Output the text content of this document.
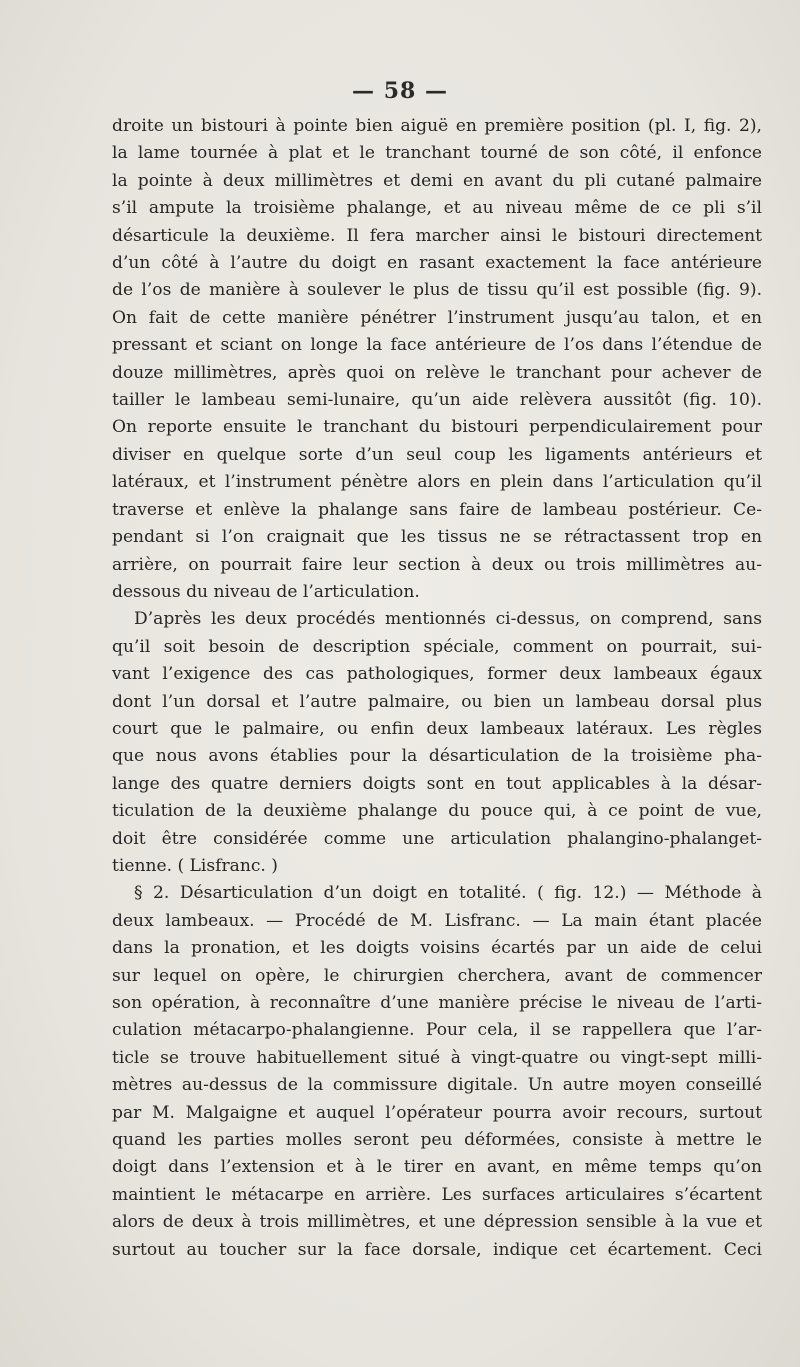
— 58 —
droite un bistouri à pointe bien aiguë en première position (pl. I, fig. 2),
la lame tournée à plat et le tranchant tourné de son côté, il enfonce
la pointe à deux millimètres et demi en avant du pli cutané palmaire
s’il ampute la troisième phalange, et au niveau même de ce pli s’il
désarticule la deuxième. Il fera marcher ainsi le bistouri directement
d’un côté à l’autre du doigt en rasant exactement la face antérieure
de l’os de manière à soulever le plus de tissu qu’il est possible (fig. 9).
On fait de cette manière pénétrer l’instrument jusqu’au talon, et en
pressant et sciant on longe la face antérieure de l’os dans l’étendue de
douze millimètres, après quoi on relève le tranchant pour achever de
tailler le lambeau semi-lunaire, qu’un aide relèvera aussitôt (fig. 10).
On reporte ensuite le tranchant du bistouri perpendiculairement pour
diviser en quelque sorte d’un seul coup les ligaments antérieurs et
latéraux, et l’instrument pénètre alors en plein dans l’articulation qu’il
traverse et enlève la phalange sans faire de lambeau postérieur. Ce-
pendant si l’on craignait que les tissus ne se rétractassent trop en
arrière, on pourrait faire leur section à deux ou trois millimètres au-
dessous du niveau de l’articulation.
D’après les deux procédés mentionnés ci-dessus, on comprend, sans
qu’il soit besoin de description spéciale, comment on pourrait, sui-
vant l’exigence des cas pathologiques, former deux lambeaux égaux
dont l’un dorsal et l’autre palmaire, ou bien un lambeau dorsal plus
court que le palmaire, ou enfin deux lambeaux latéraux. Les règles
que nous avons établies pour la désarticulation de la troisième pha-
lange des quatre derniers doigts sont en tout applicables à la désar-
ticulation de la deuxième phalange du pouce qui, à ce point de vue,
doit être considérée comme une articulation phalangino-phalanget-
tienne. ( Lisfranc. )
§ 2. Désarticulation d’un doigt en totalité. ( fig. 12.) — Méthode à
deux lambeaux. — Procédé de M. Lisfranc. — La main étant placée
dans la pronation, et les doigts voisins écartés par un aide de celui
sur lequel on opère, le chirurgien cherchera, avant de commencer
son opération, à reconnaître d’une manière précise le niveau de l’arti-
culation métacarpo-phalangienne. Pour cela, il se rappellera que l’ar-
ticle se trouve habituellement situé à vingt-quatre ou vingt-sept milli-
mètres au-dessus de la commissure digitale. Un autre moyen conseillé
par M. Malgaigne et auquel l’opérateur pourra avoir recours, surtout
quand les parties molles seront peu déformées, consiste à mettre le
doigt dans l’extension et à le tirer en avant, en même temps qu’on
maintient le métacarpe en arrière. Les surfaces articulaires s’écartent
alors de deux à trois millimètres, et une dépression sensible à la vue et
surtout au toucher sur la face dorsale, indique cet écartement. Ceci
